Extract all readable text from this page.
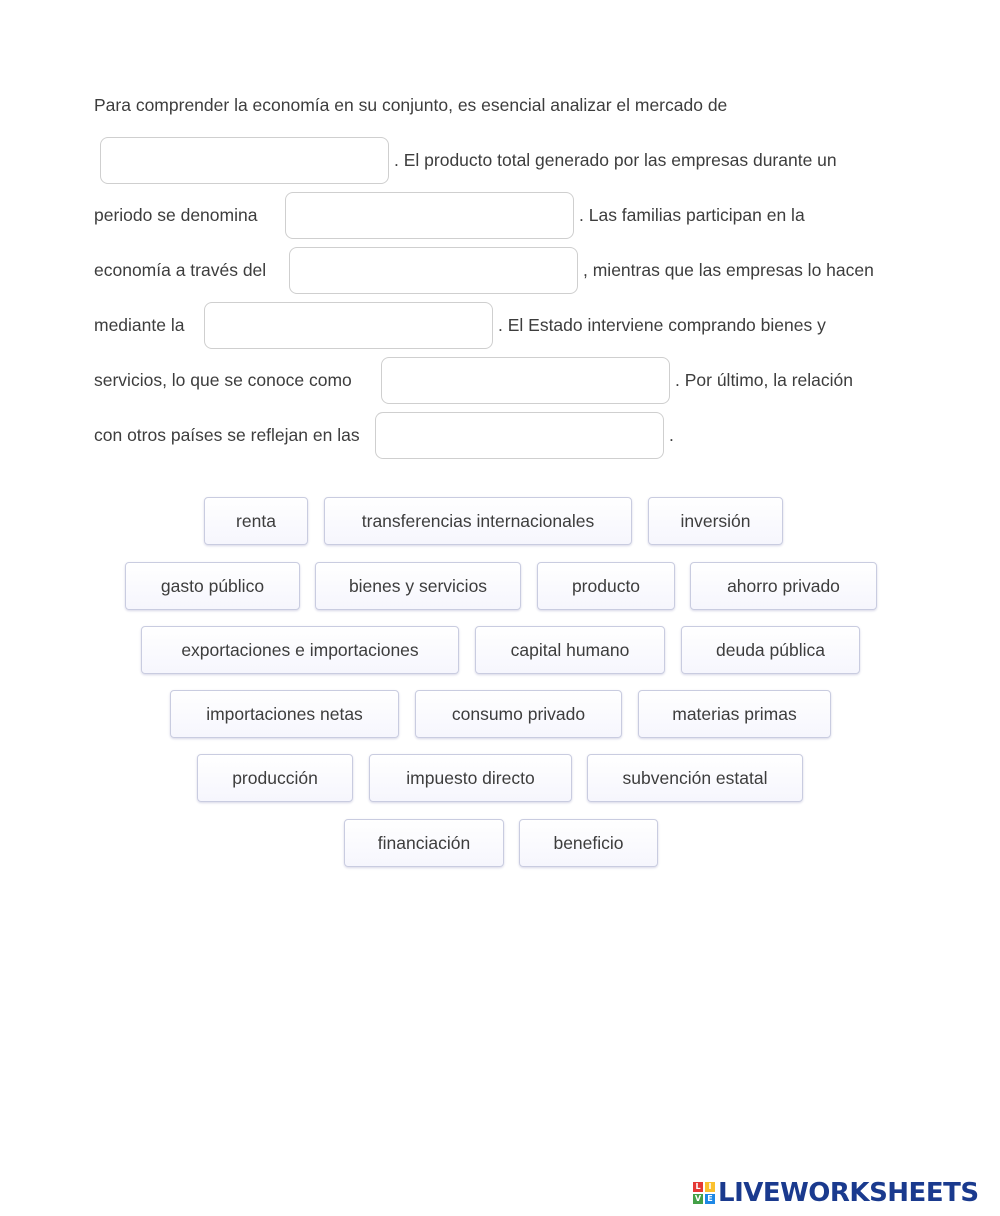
Para comprender la economía en su conjunto, es esencial analizar el mercado de
. El producto total generado por las empresas durante un
periodo se denomina	. Las familias participan en la
economía a través del	, mientras que las empresas lo hacen
mediante la	. El Estado interviene comprando bienes y
servicios, lo que se conoce como	. Por último, la relación
con otros países se reflejan en las	.
renta	transferencias internacionales	inversión
gasto público	bienes y servicios	producto	ahorro privado
exportaciones e importaciones	capital humano	deuda pública
importaciones netas	consumo privado	materias primas
producción	impuesto directo	subvención estatal
financiación	beneficio
L I
V E LIVEWORKSHEETS
